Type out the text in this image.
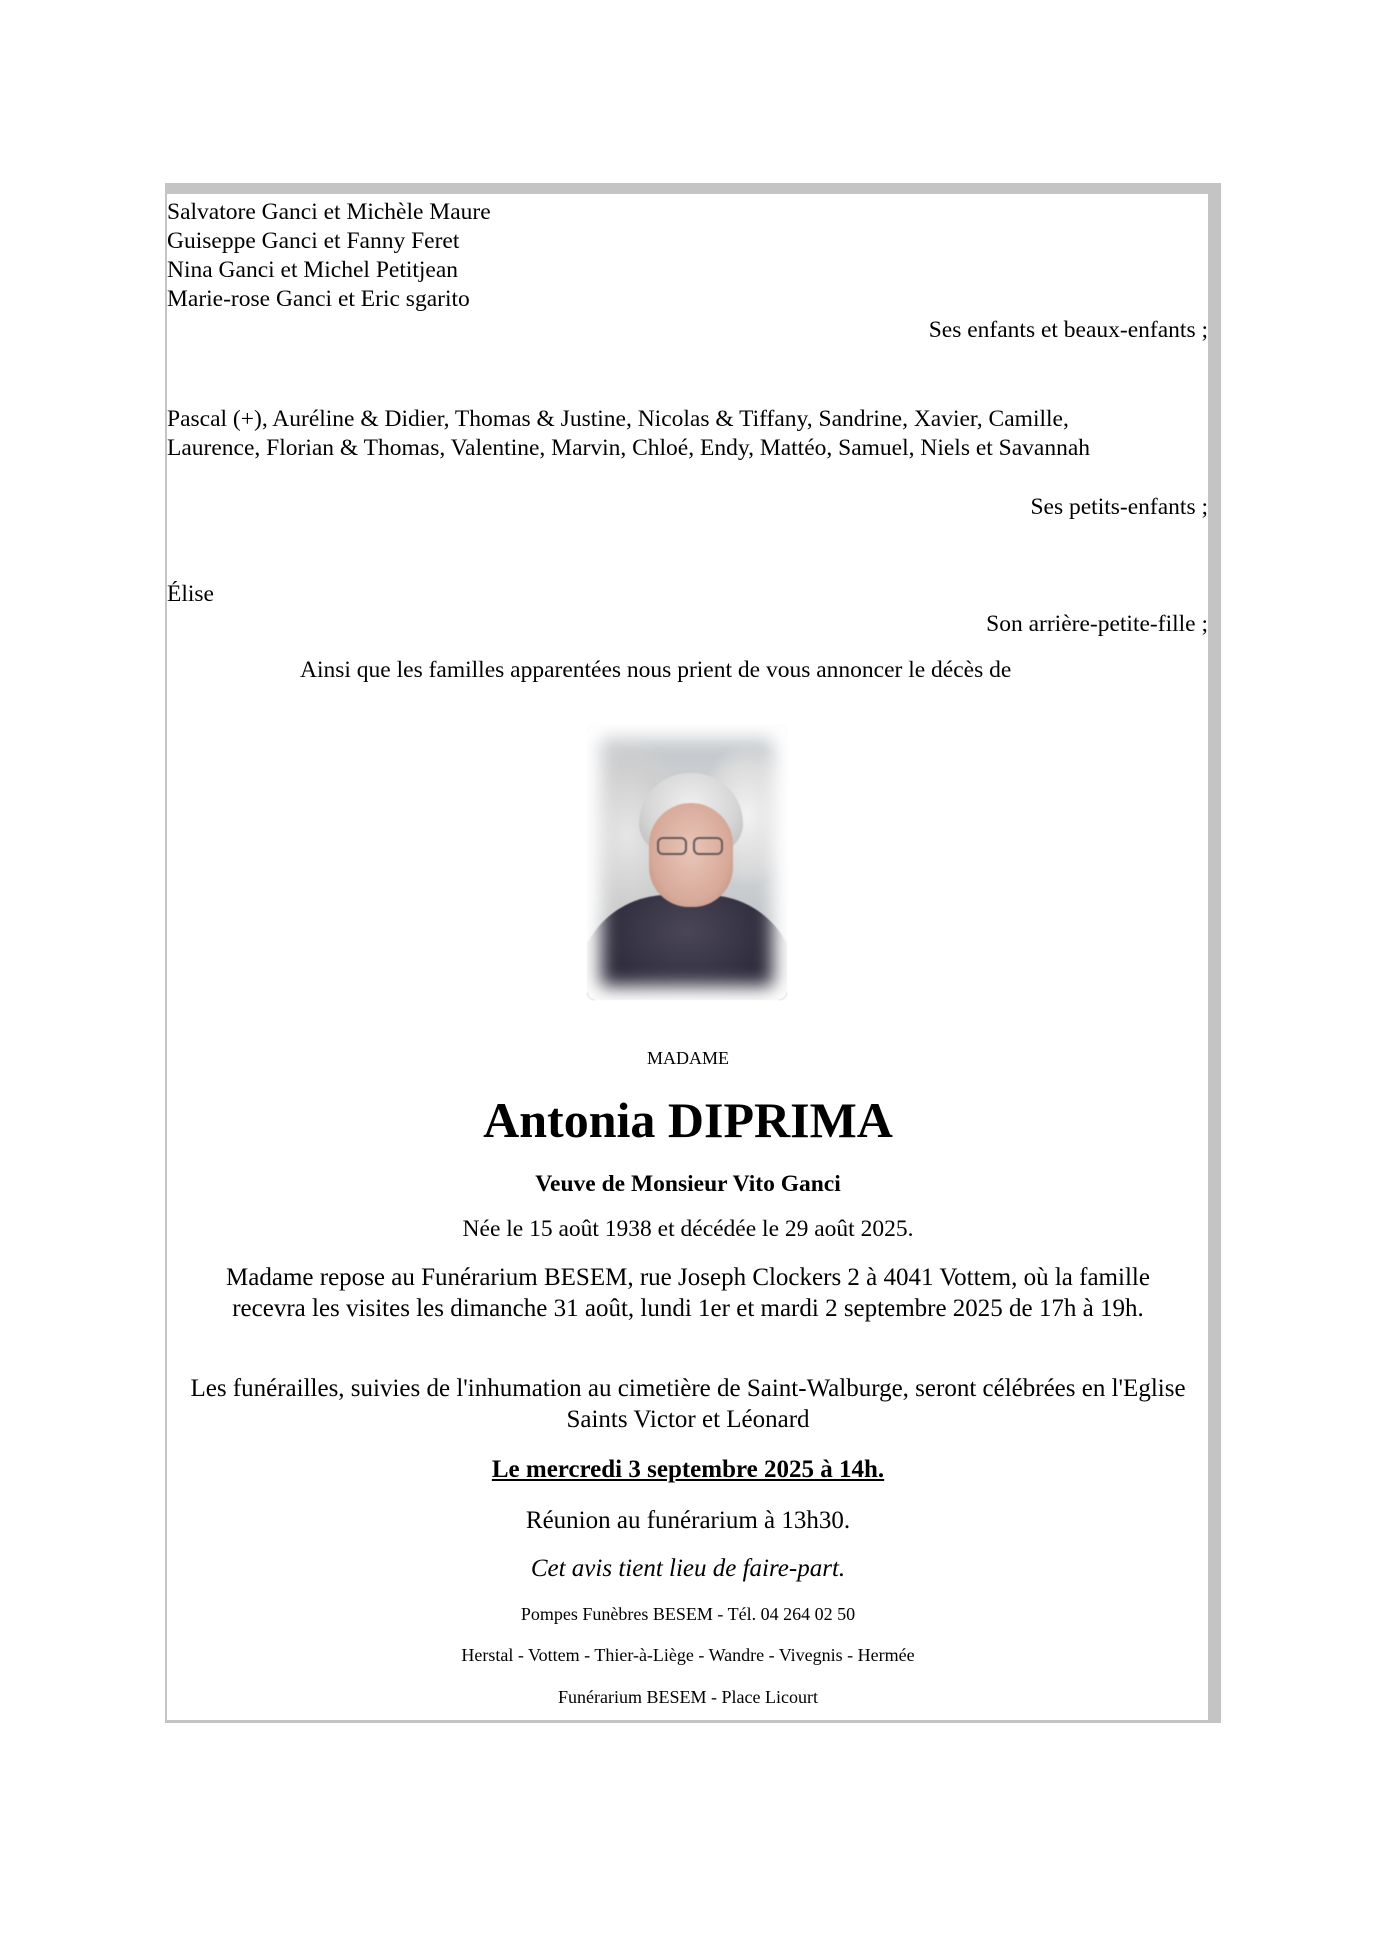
Salvatore Ganci et Michèle Maure
Guiseppe Ganci et Fanny Feret
Nina Ganci et Michel Petitjean
Marie-rose Ganci et Eric sgarito
Ses enfants et beaux-enfants ;
Pascal (+), Auréline & Didier, Thomas & Justine, Nicolas & Tiffany, Sandrine, Xavier, Camille,
Laurence, Florian & Thomas, Valentine, Marvin, Chloé, Endy, Mattéo, Samuel, Niels et Savannah
Ses petits-enfants ;
Élise
Son arrière-petite-fille ;
Ainsi que les familles apparentées nous prient de vous annoncer le décès de
MADAME
Antonia DIPRIMA
Veuve de Monsieur Vito Ganci
Née le 15 août 1938 et décédée le 29 août 2025.
Madame repose au Funérarium BESEM, rue Joseph Clockers 2 à 4041 Vottem, où la famille recevra les visites les dimanche 31 août, lundi 1er et mardi 2 septembre 2025 de 17h à 19h.
Les funérailles, suivies de l'inhumation au cimetière de Saint-Walburge, seront célébrées en l'Eglise Saints Victor et Léonard
Le mercredi 3 septembre 2025 à 14h.
Réunion au funérarium à 13h30.
Cet avis tient lieu de faire-part.
Pompes Funèbres BESEM - Tél. 04 264 02 50
Herstal - Vottem - Thier-à-Liège - Wandre - Vivegnis - Hermée
Funérarium BESEM - Place Licourt
